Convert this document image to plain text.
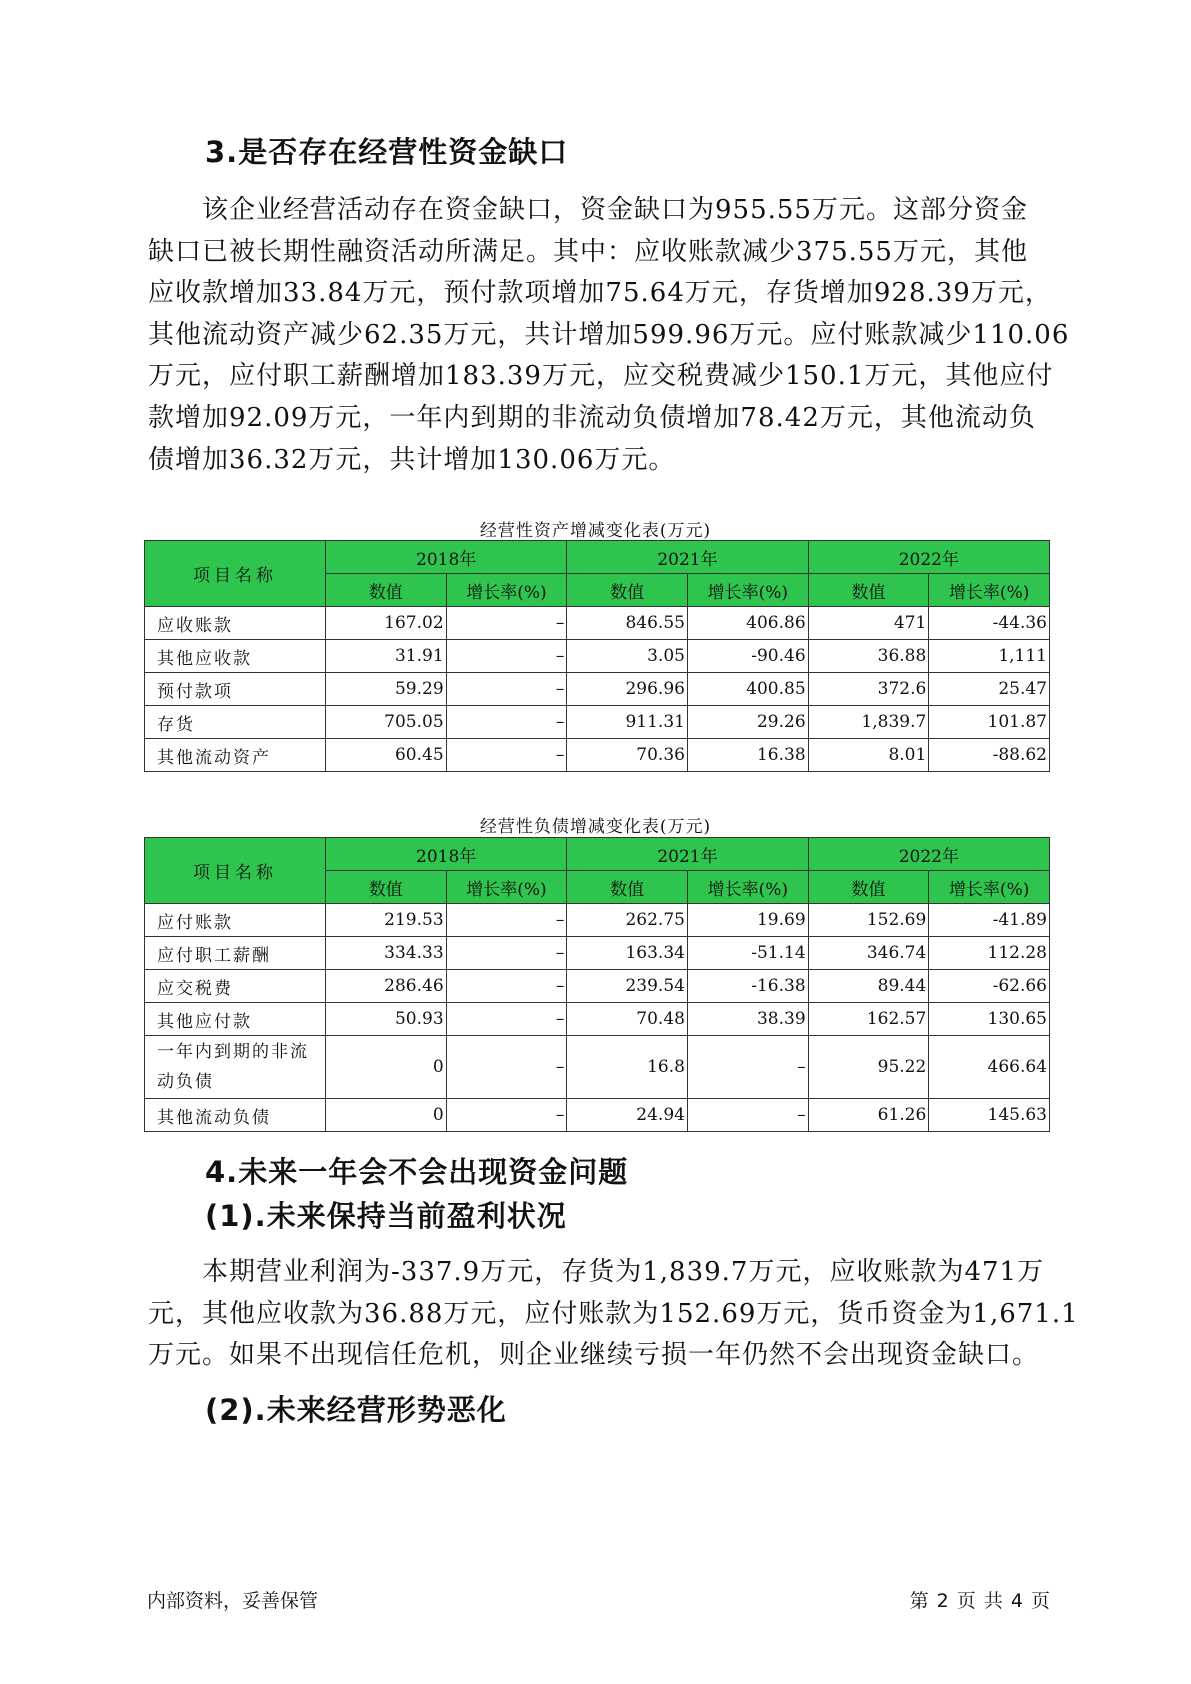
3.是否存在经营性资金缺口
该企业经营活动存在资金缺口，资金缺口为955.55万元。这部分资金
缺口已被长期性融资活动所满足。其中：应收账款减少375.55万元，其他
应收款增加33.84万元，预付款项增加75.64万元，存货增加928.39万元，
其他流动资产减少62.35万元，共计增加599.96万元。应付账款减少110.06
万元，应付职工薪酬增加183.39万元，应交税费减少150.1万元，其他应付
款增加92.09万元，一年内到期的非流动负债增加78.42万元，其他流动负
债增加36.32万元，共计增加130.06万元。
经营性资产增减变化表(万元)
项目名称	2018年		2021年		2022年	
	数值	增长率(%)	数值	增长率(%)	数值	增长率(%)
应收账款	167.02	–	846.55	406.86	471	-44.36
其他应收款	31.91	–	3.05	-90.46	36.88	1,111
预付款项	59.29	–	296.96	400.85	372.6	25.47
存货	705.05	–	911.31	29.26	1,839.7	101.87
其他流动资产	60.45	–	70.36	16.38	8.01	-88.62
经营性负债增减变化表(万元)
项目名称	2018年		2021年		2022年	
	数值	增长率(%)	数值	增长率(%)	数值	增长率(%)
应付账款	219.53	–	262.75	19.69	152.69	-41.89
应付职工薪酬	334.33	–	163.34	-51.14	346.74	112.28
应交税费	286.46	–	239.54	-16.38	89.44	-62.66
其他应付款	50.93	–	70.48	38.39	162.57	130.65
一年内到期的非流动负债	0	–	16.8	–	95.22	466.64
其他流动负债	0	–	24.94	–	61.26	145.63
4.未来一年会不会出现资金问题
(1).未来保持当前盈利状况
本期营业利润为-337.9万元，存货为1,839.7万元，应收账款为471万
元，其他应收款为36.88万元，应付账款为152.69万元，货币资金为1,671.1
万元。如果不出现信任危机，则企业继续亏损一年仍然不会出现资金缺口。
(2).未来经营形势恶化
内部资料，妥善保管	第 2 页 共 4 页
